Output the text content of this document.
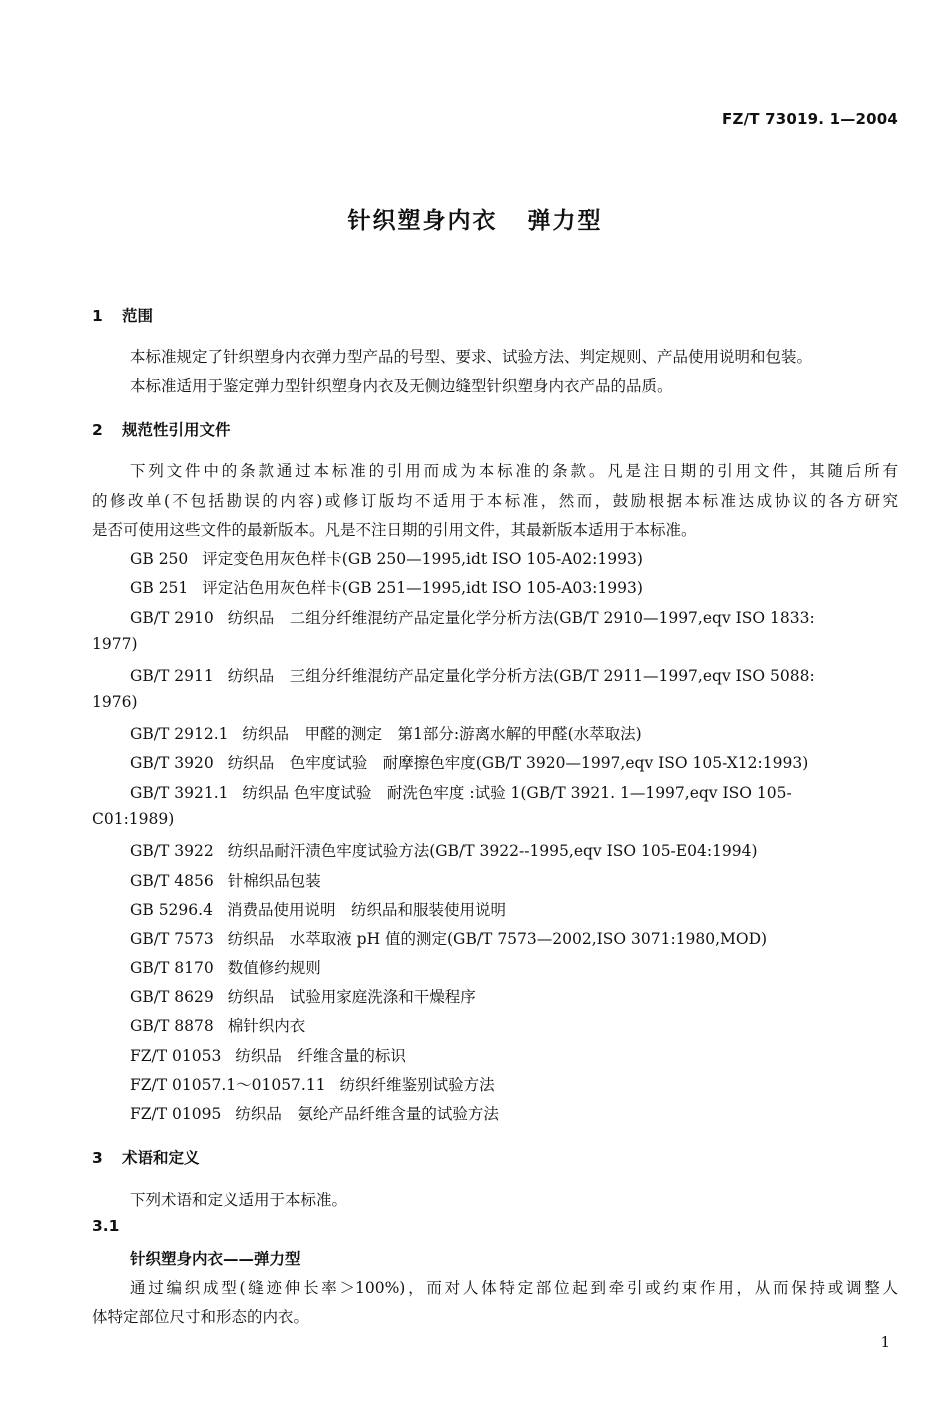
FZ/T 73019. 1—2004
针织塑身内衣 弹力型
1 范围
本标准规定了针织塑身内衣弹力型产品的号型、要求、试验方法、判定规则、产品使用说明和包装。
本标准适用于鉴定弹力型针织塑身内衣及无侧边缝型针织塑身内衣产品的品质。
2 规范性引用文件
下列文件中的条款通过本标准的引用而成为本标准的条款。凡是注日期的引用文件，其随后所有
的修改单(不包括勘误的内容)或修订版均不适用于本标准，然而，鼓励根据本标准达成协议的各方研究
是否可使用这些文件的最新版本。凡是不注日期的引用文件，其最新版本适用于本标准。
GB 250 评定变色用灰色样卡(GB 250—1995,idt ISO 105-A02:1993)
GB 251 评定沾色用灰色样卡(GB 251—1995,idt ISO 105-A03:1993)
GB/T 2910 纺织品　二组分纤维混纺产品定量化学分析方法(GB/T 2910—1997,eqv ISO 1833:
1977)
GB/T 2911 纺织品　三组分纤维混纺产品定量化学分析方法(GB/T 2911—1997,eqv ISO 5088:
1976)
GB/T 2912.1 纺织品　甲醛的测定　第1部分:游离水解的甲醛(水萃取法)
GB/T 3920 纺织品　色牢度试验　耐摩擦色牢度(GB/T 3920—1997,eqv ISO 105-X12:1993)
GB/T 3921.1 纺织品 色牢度试验　耐洗色牢度 :试验 1(GB/T 3921. 1—1997,eqv ISO 105-
C01:1989)
GB/T 3922 纺织品耐汗渍色牢度试验方法(GB/T 3922--1995,eqv ISO 105-E04:1994)
GB/T 4856 针棉织品包装
GB 5296.4 消费品使用说明　纺织品和服装使用说明
GB/T 7573 纺织品　水萃取液 pH 值的测定(GB/T 7573—2002,ISO 3071:1980,MOD)
GB/T 8170 数值修约规则
GB/T 8629 纺织品　试验用家庭洗涤和干燥程序
GB/T 8878 棉针织内衣
FZ/T 01053 纺织品　纤维含量的标识
FZ/T 01057.1～01057.11 纺织纤维鉴别试验方法
FZ/T 01095 纺织品　氨纶产品纤维含量的试验方法
3 术语和定义
下列术语和定义适用于本标准。
3.1
针织塑身内衣——弹力型
通过编织成型(缝迹伸长率＞100%)，而对人体特定部位起到牵引或约束作用，从而保持或调整人
体特定部位尺寸和形态的内衣。
1
